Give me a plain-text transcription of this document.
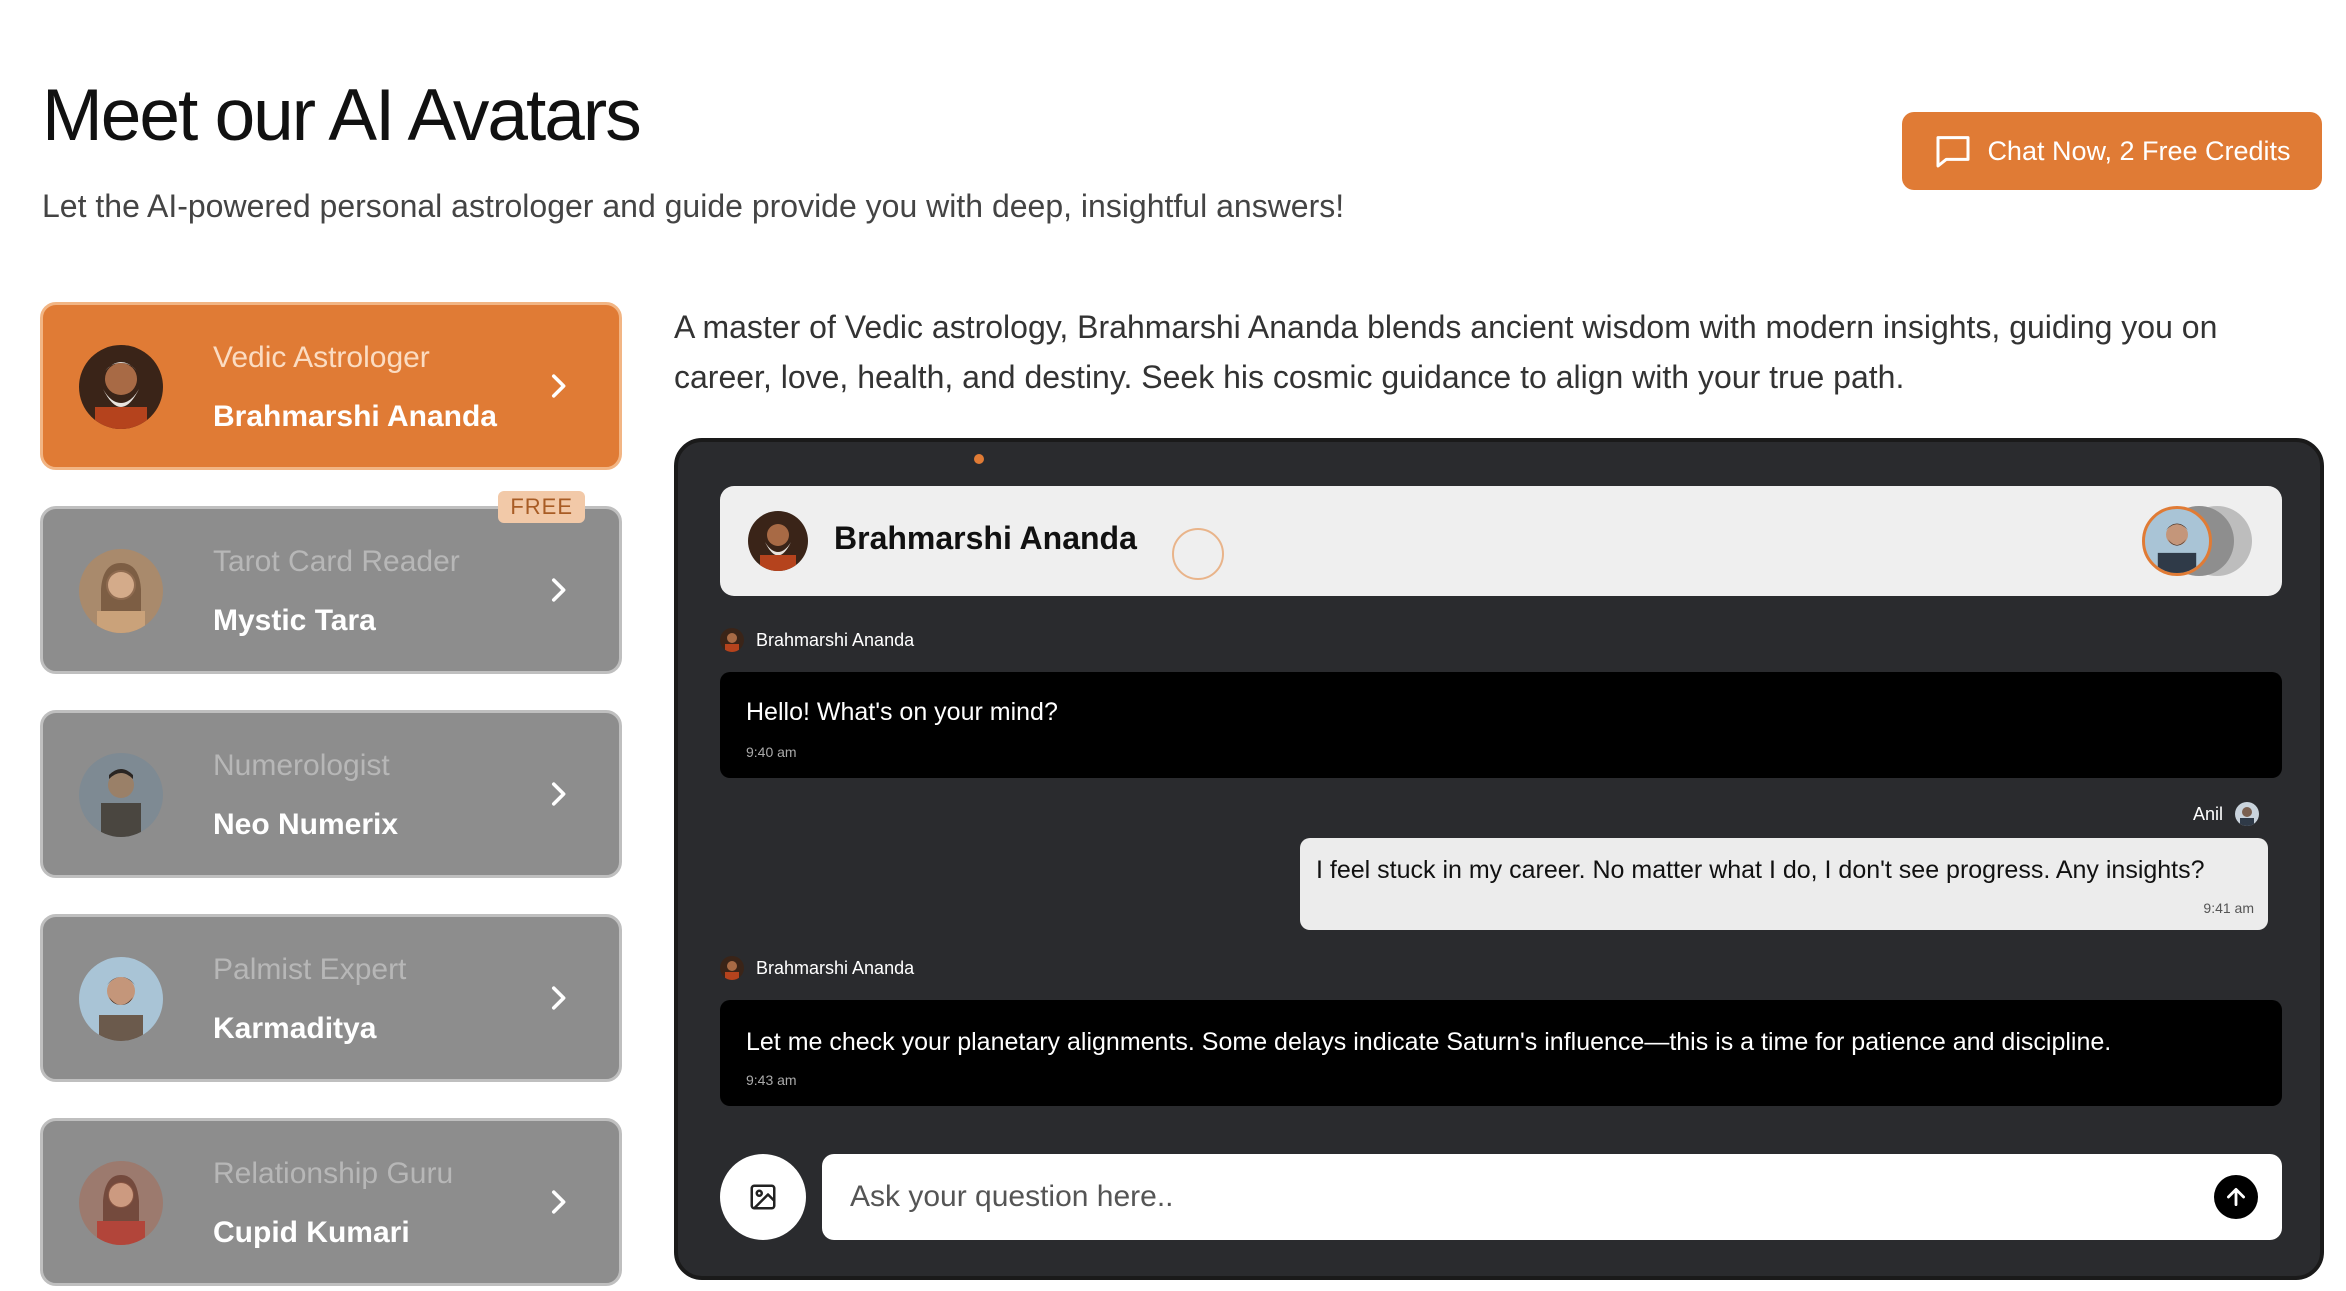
Meet our AI Avatars
Let the AI-powered personal astrologer and guide provide you with deep, insightful answers!
Chat Now, 2 Free Credits
Vedic Astrologer
Brahmarshi Ananda
FREE
Tarot Card Reader
Mystic Tara
Numerologist
Neo Numerix
Palmist Expert
Karmaditya
Relationship Guru
Cupid Kumari
A master of Vedic astrology, Brahmarshi Ananda blends ancient wisdom with modern insights, guiding you on career, love, health, and destiny. Seek his cosmic guidance to align with your true path.
Brahmarshi Ananda
Brahmarshi Ananda
Hello! What's on your mind?
9:40 am
Anil
I feel stuck in my career. No matter what I do, I don't see progress. Any insights?
9:41 am
Brahmarshi Ananda
Let me check your planetary alignments. Some delays indicate Saturn's influence—this is a time for patience and discipline.
9:43 am
Ask your question here..
